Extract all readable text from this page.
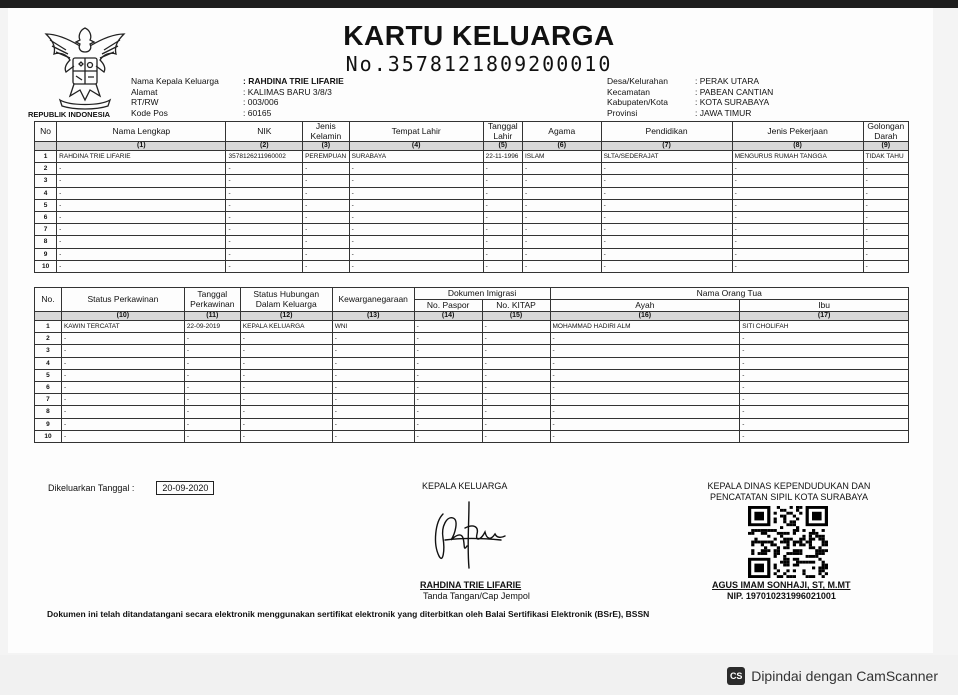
REPUBLIK INDONESIA
KARTU KELUARGA
No.3578121809200010
Nama Kepala Keluarga	: RAHDINA TRIE LIFARIE
Alamat	: KALIMAS BARU 3/8/3
RT/RW	: 003/006
Kode Pos	: 60165
Desa/Kelurahan	: PERAK UTARA
Kecamatan	: PABEAN CANTIAN
Kabupaten/Kota	: KOTA SURABAYA
Provinsi	: JAWA TIMUR
No	Nama Lengkap	NIK	Jenis Kelamin	Tempat Lahir	Tanggal Lahir	Agama	Pendidikan	Jenis Pekerjaan	Golongan Darah
	(1)	(2)	(3)	(4)	(5)	(6)	(7)	(8)	(9)
1	RAHDINA TRIE LIFARIE	3578126211960002	PEREMPUAN	SURABAYA	22-11-1996	ISLAM	SLTA/SEDERAJAT	MENGURUS RUMAH TANGGA	TIDAK TAHU
2	-	-	-	-	-	-	-	-	-
3	-	-	-	-	-	-	-	-	-
4	-	-	-	-	-	-	-	-	-
5	-	-	-	-	-	-	-	-	-
6	-	-	-	-	-	-	-	-	-
7	-	-	-	-	-	-	-	-	-
8	-	-	-	-	-	-	-	-	-
9	-	-	-	-	-	-	-	-	-
10	-	-	-	-	-	-	-	-	-
No.	Status Perkawinan	Tanggal Perkawinan	Status Hubungan Dalam Keluarga	Kewarganegaraan	Dokumen Imigrasi		Nama Orang Tua	
					No. Paspor	No. KITAP	Ayah	Ibu
	(10)	(11)	(12)	(13)	(14)	(15)	(16)	(17)
1	KAWIN TERCATAT	22-09-2019	KEPALA KELUARGA	WNI	-	-	MOHAMMAD HADIRI ALM	SITI CHOLIFAH
2	-	-	-	-	-	-	-	-
3	-	-	-	-	-	-	-	-
4	-	-	-	-	-	-	-	-
5	-	-	-	-	-	-	-	-
6	-	-	-	-	-	-	-	-
7	-	-	-	-	-	-	-	-
8	-	-	-	-	-	-	-	-
9	-	-	-	-	-	-	-	-
10	-	-	-	-	-	-	-	-
Dikeluarkan Tanggal :	20-09-2020	KEPALA KELUARGA
RAHDINA TRIE LIFARIE
Tanda Tangan/Cap Jempol
KEPALA DINAS KEPENDUDUKAN DAN PENCATATAN SIPIL KOTA SURABAYA
AGUS IMAM SONHAJI, ST, M.MT
NIP. 197010231996021001
Dokumen ini telah ditandatangani secara elektronik menggunakan sertifikat elektronik yang diterbitkan oleh Balai Sertifikasi Elektronik (BSrE), BSSN
CS Dipindai dengan CamScanner
